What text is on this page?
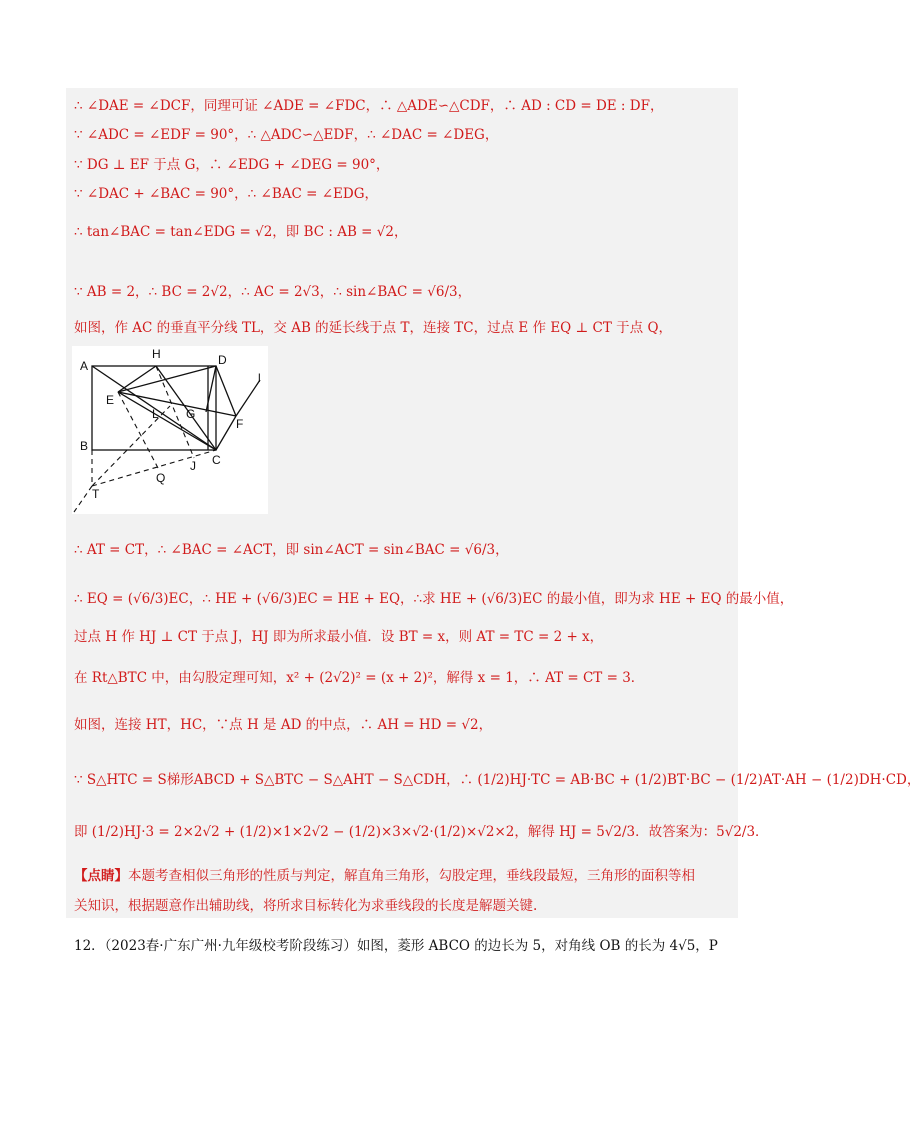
∴ ∠DAE = ∠DCF，同理可证 ∠ADE = ∠FDC，∴ △ADE∽△CDF，∴ AD : CD = DE : DF，
∵ ∠ADC = ∠EDF = 90°，∴ △ADC∽△EDF，∴ ∠DAC = ∠DEG，
∵ DG ⊥ EF 于点 G，∴ ∠EDG + ∠DEG = 90°，
∵ ∠DAC + ∠BAC = 90°，∴ ∠BAC = ∠EDG，
∴ tan∠BAC = tan∠EDG = √2，即 BC : AB = √2，
∵ AB = 2，∴ BC = 2√2，∴ AC = 2√3，∴ sin∠BAC = √6/3，
如图，作 AC 的垂直平分线 TL，交 AB 的延长线于点 T，连接 TC，过点 E 作 EQ ⊥ CT 于点 Q，
A
H	D
E
L G
F
l
B
C
Q
J
T
∴ AT = CT，∴ ∠BAC = ∠ACT，即 sin∠ACT = sin∠BAC = √6/3，
∴ EQ = (√6/3)EC，∴ HE + (√6/3)EC = HE + EQ，∴求 HE + (√6/3)EC 的最小值，即为求 HE + EQ 的最小值，
过点 H 作 HJ ⊥ CT 于点 J，HJ 即为所求最小值．设 BT = x，则 AT = TC = 2 + x，
在 Rt△BTC 中，由勾股定理可知，x² + (2√2)² = (x + 2)²，解得 x = 1，∴ AT = CT = 3．
如图，连接 HT，HC，∵点 H 是 AD 的中点，∴ AH = HD = √2，
∵ S△HTC = S梯形ABCD + S△BTC − S△AHT − S△CDH，∴ (1/2)HJ·TC = AB·BC + (1/2)BT·BC − (1/2)AT·AH − (1/2)DH·CD，
即 (1/2)HJ·3 = 2×2√2 + (1/2)×1×2√2 − (1/2)×3×√2·(1/2)×√2×2，解得 HJ = 5√2/3．故答案为：5√2/3．
【点睛】本题考查相似三角形的性质与判定，解直角三角形，勾股定理，垂线段最短，三角形的面积等相
关知识，根据题意作出辅助线，将所求目标转化为求垂线段的长度是解题关键.
12．（2023春·广东广州·九年级校考阶段练习）如图，菱形 ABCO 的边长为 5，对角线 OB 的长为 4√5，P
